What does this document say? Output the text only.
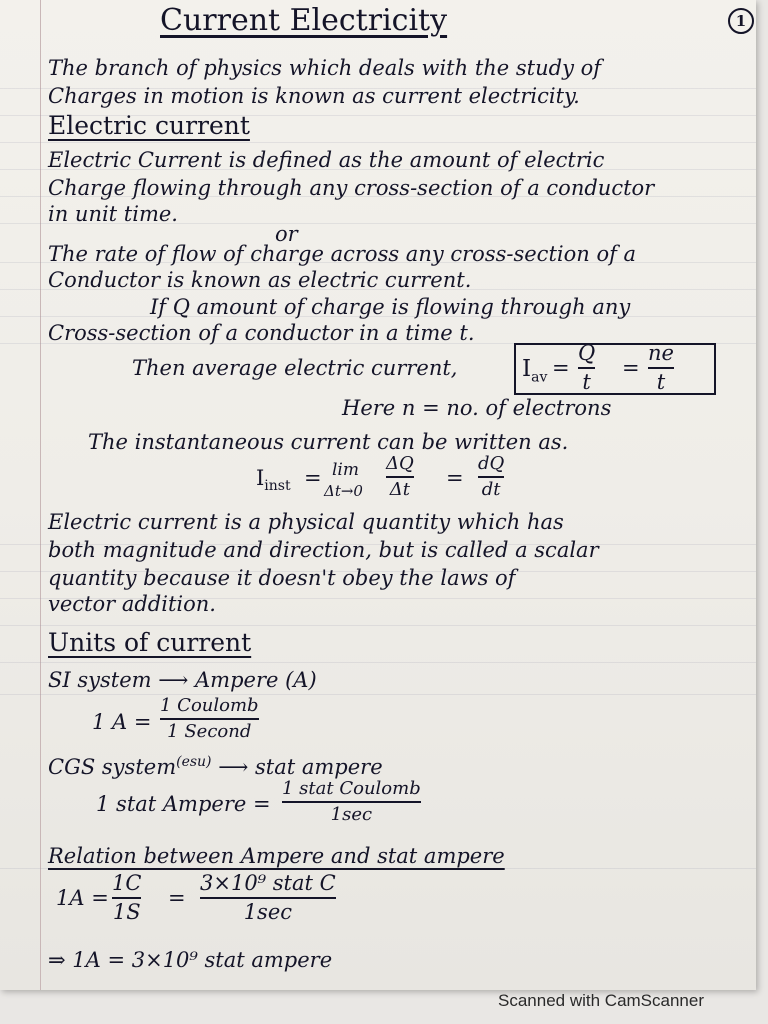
1
Current Electricity
The branch of physics which deals with the study of
Charges in motion is known as current electricity.
Electric current
Electric Current is defined as the amount of electric
Charge flowing through any cross-section of a conductor
in unit time.
or
The rate of flow of charge across any cross-section of a
Conductor is known as electric current.
If Q amount of charge is flowing through any
Cross-section of a conductor in a time t.
Then average electric current,	$I_{av}$ =
Q
t
=
ne
t
Here n = no. of electrons
The instantaneous current can be written as.
$I_{inst} = \lim$
Δt→0
ΔQ
Δt =
dQ
dt
Electric current is a physical quantity which has
both magnitude and direction, but is called a scalar
quantity because it doesn't obey the laws of
vector addition.
Units of current
SI system ⟶ Ampere (A)
1 A =
1 Coulomb
1 Second
CGS system$^{(esu)}$ ⟶ stat ampere
1 stat Ampere =
1 stat Coulomb
1sec
Relation between Ampere and stat ampere
1A =
1C
1S
=
3×10⁹ stat C
1sec
⇒ 1A = 3×10⁹ stat ampere
Scanned with CamScanner
